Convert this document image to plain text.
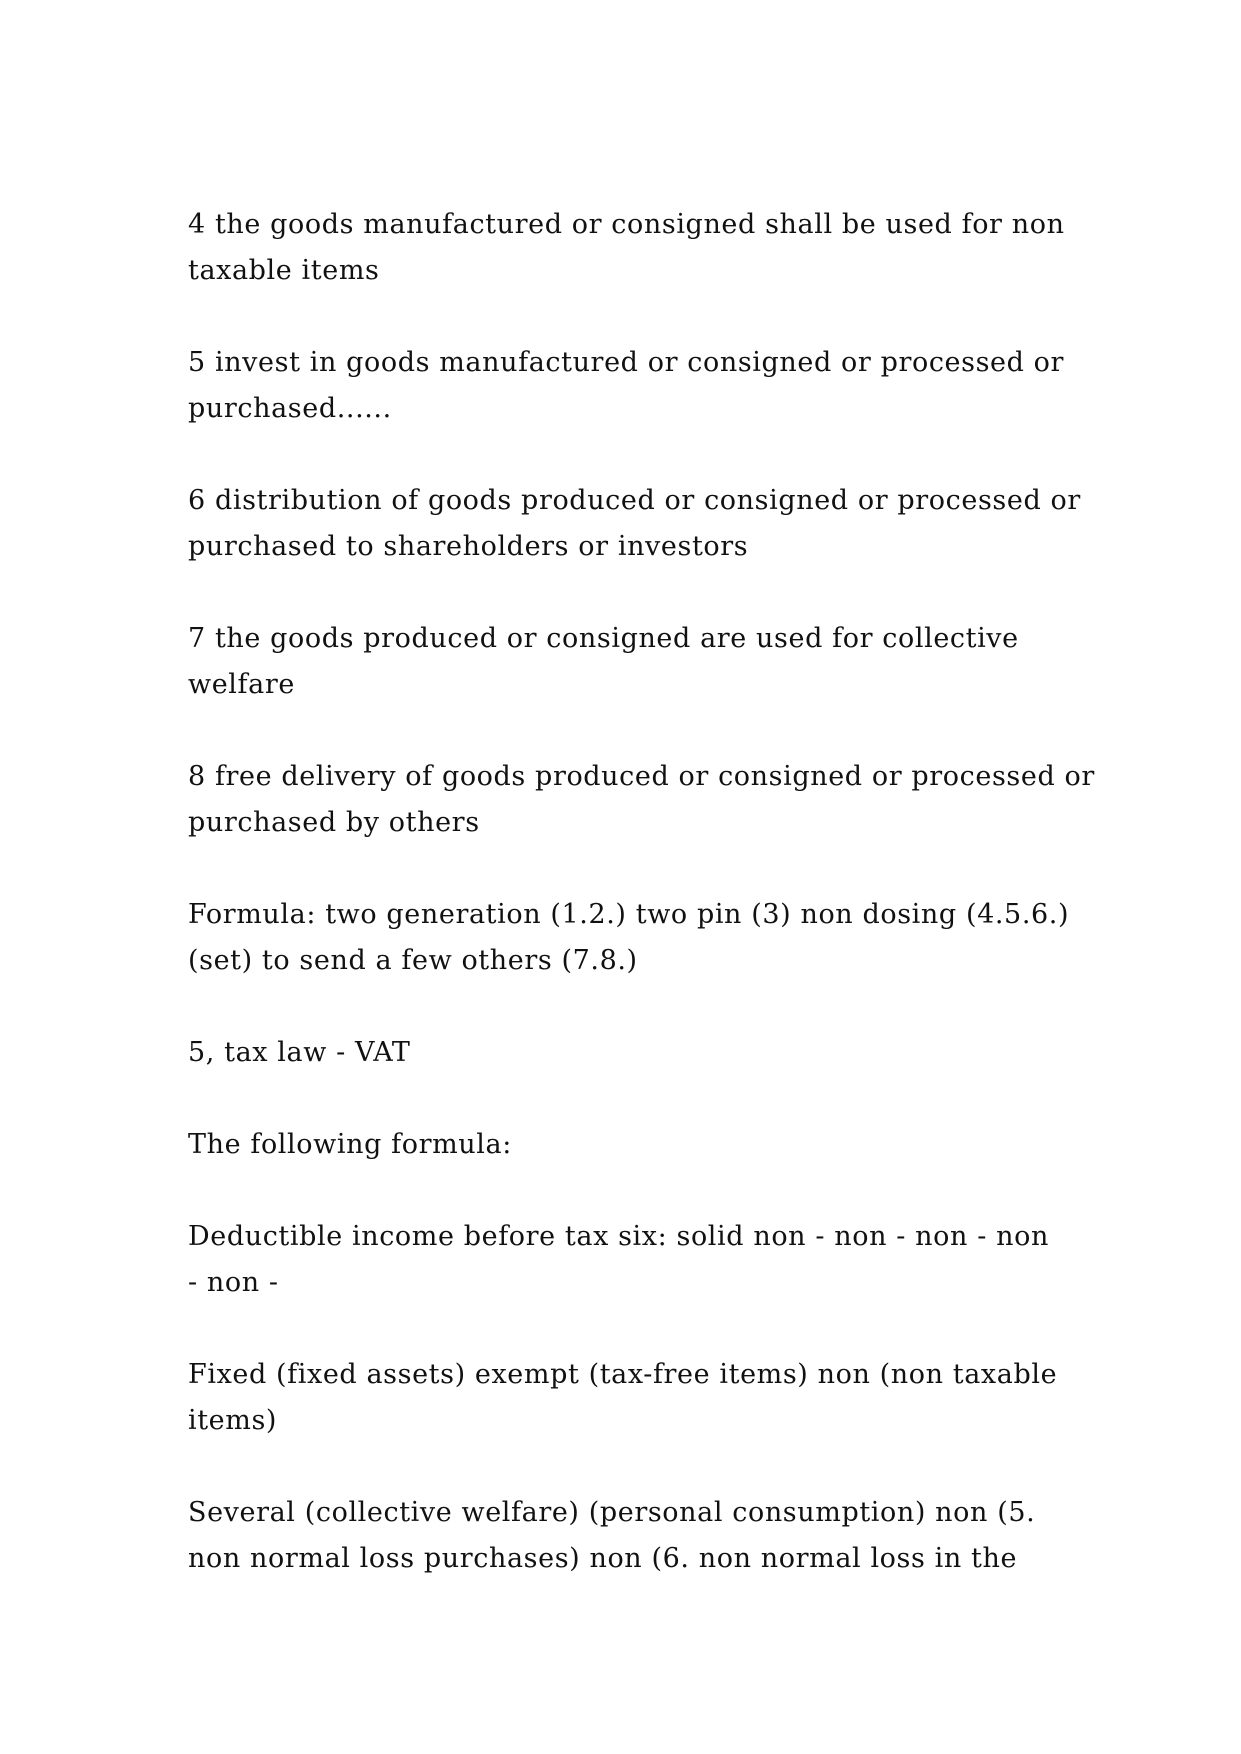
4 the goods manufactured or consigned shall be used for non
taxable items

5 invest in goods manufactured or consigned or processed or
purchased......

6 distribution of goods produced or consigned or processed or
purchased to shareholders or investors

7 the goods produced or consigned are used for collective
welfare

8 free delivery of goods produced or consigned or processed or
purchased by others

Formula: two generation (1.2.) two pin (3) non dosing (4.5.6.)
(set) to send a few others (7.8.)

5, tax law - VAT

The following formula:

Deductible income before tax six: solid non - non - non - non
- non -

Fixed (fixed assets) exempt (tax-free items) non (non taxable
items)

Several (collective welfare) (personal consumption) non (5.
non normal loss purchases) non (6. non normal loss in the
